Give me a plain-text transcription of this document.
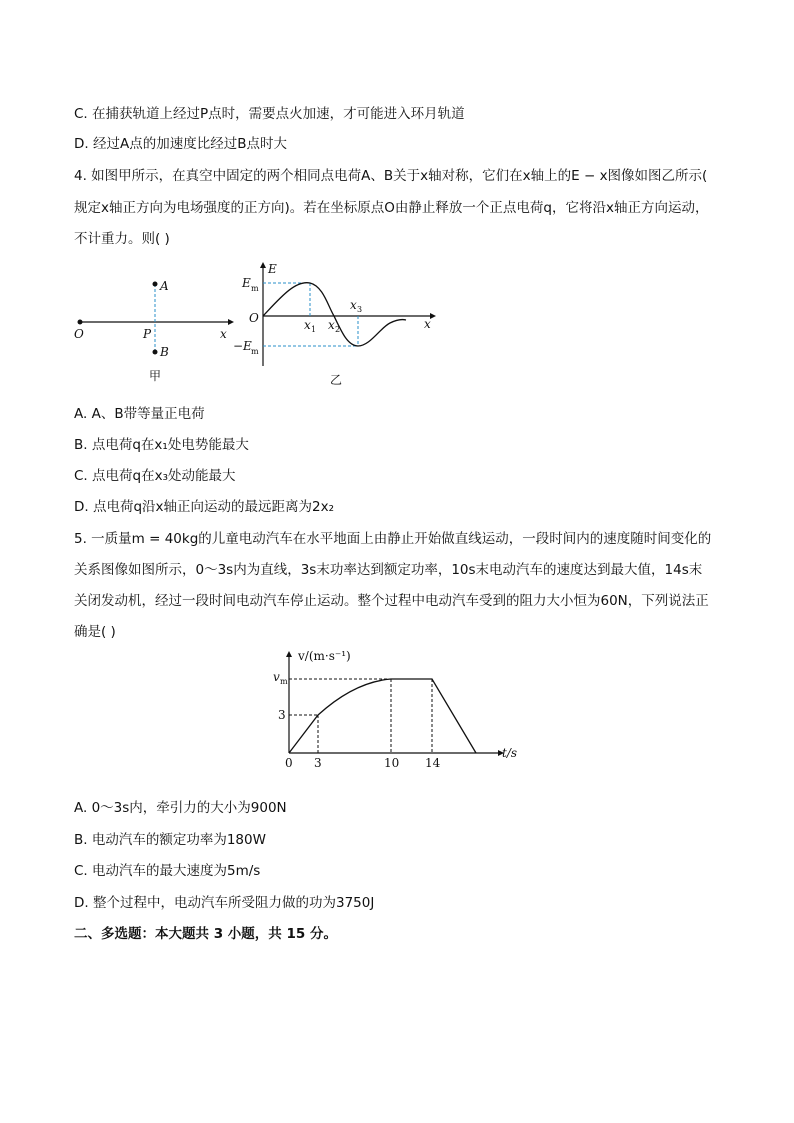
C. 在捕获轨道上经过P点时，需要点火加速，才可能进入环月轨道
D. 经过A点的加速度比经过B点时大
4. 如图甲所示，在真空中固定的两个相同点电荷A、B关于x轴对称，它们在x轴上的E − x图像如图乙所示(
规定x轴正方向为电场强度的正方向)。若在坐标原点O由静止释放一个正点电荷q，它将沿x轴正方向运动，
不计重力。则( )
A
B
O	P	x
甲
E
E m
O
−E m
x 1 x 2
x 3
x
乙
A. A、B带等量正电荷
B. 点电荷q在x₁处电势能最大
C. 点电荷q在x₃处动能最大
D. 点电荷q沿x轴正向运动的最远距离为2x₂
5. 一质量m = 40kg的儿童电动汽车在水平地面上由静止开始做直线运动，一段时间内的速度随时间变化的
关系图像如图所示，0～3s内为直线，3s末功率达到额定功率，10s末电动汽车的速度达到最大值，14s末
关闭发动机，经过一段时间电动汽车停止运动。整个过程中电动汽车受到的阻力大小恒为60N，下列说法正
确是( )
v/(m·s⁻¹)
v m
3
0 3	10 14
t/s
A. 0～3s内，牵引力的大小为900N
B. 电动汽车的额定功率为180W
C. 电动汽车的最大速度为5m/s
D. 整个过程中，电动汽车所受阻力做的功为3750J
二、多选题：本大题共 3 小题，共 15 分。
